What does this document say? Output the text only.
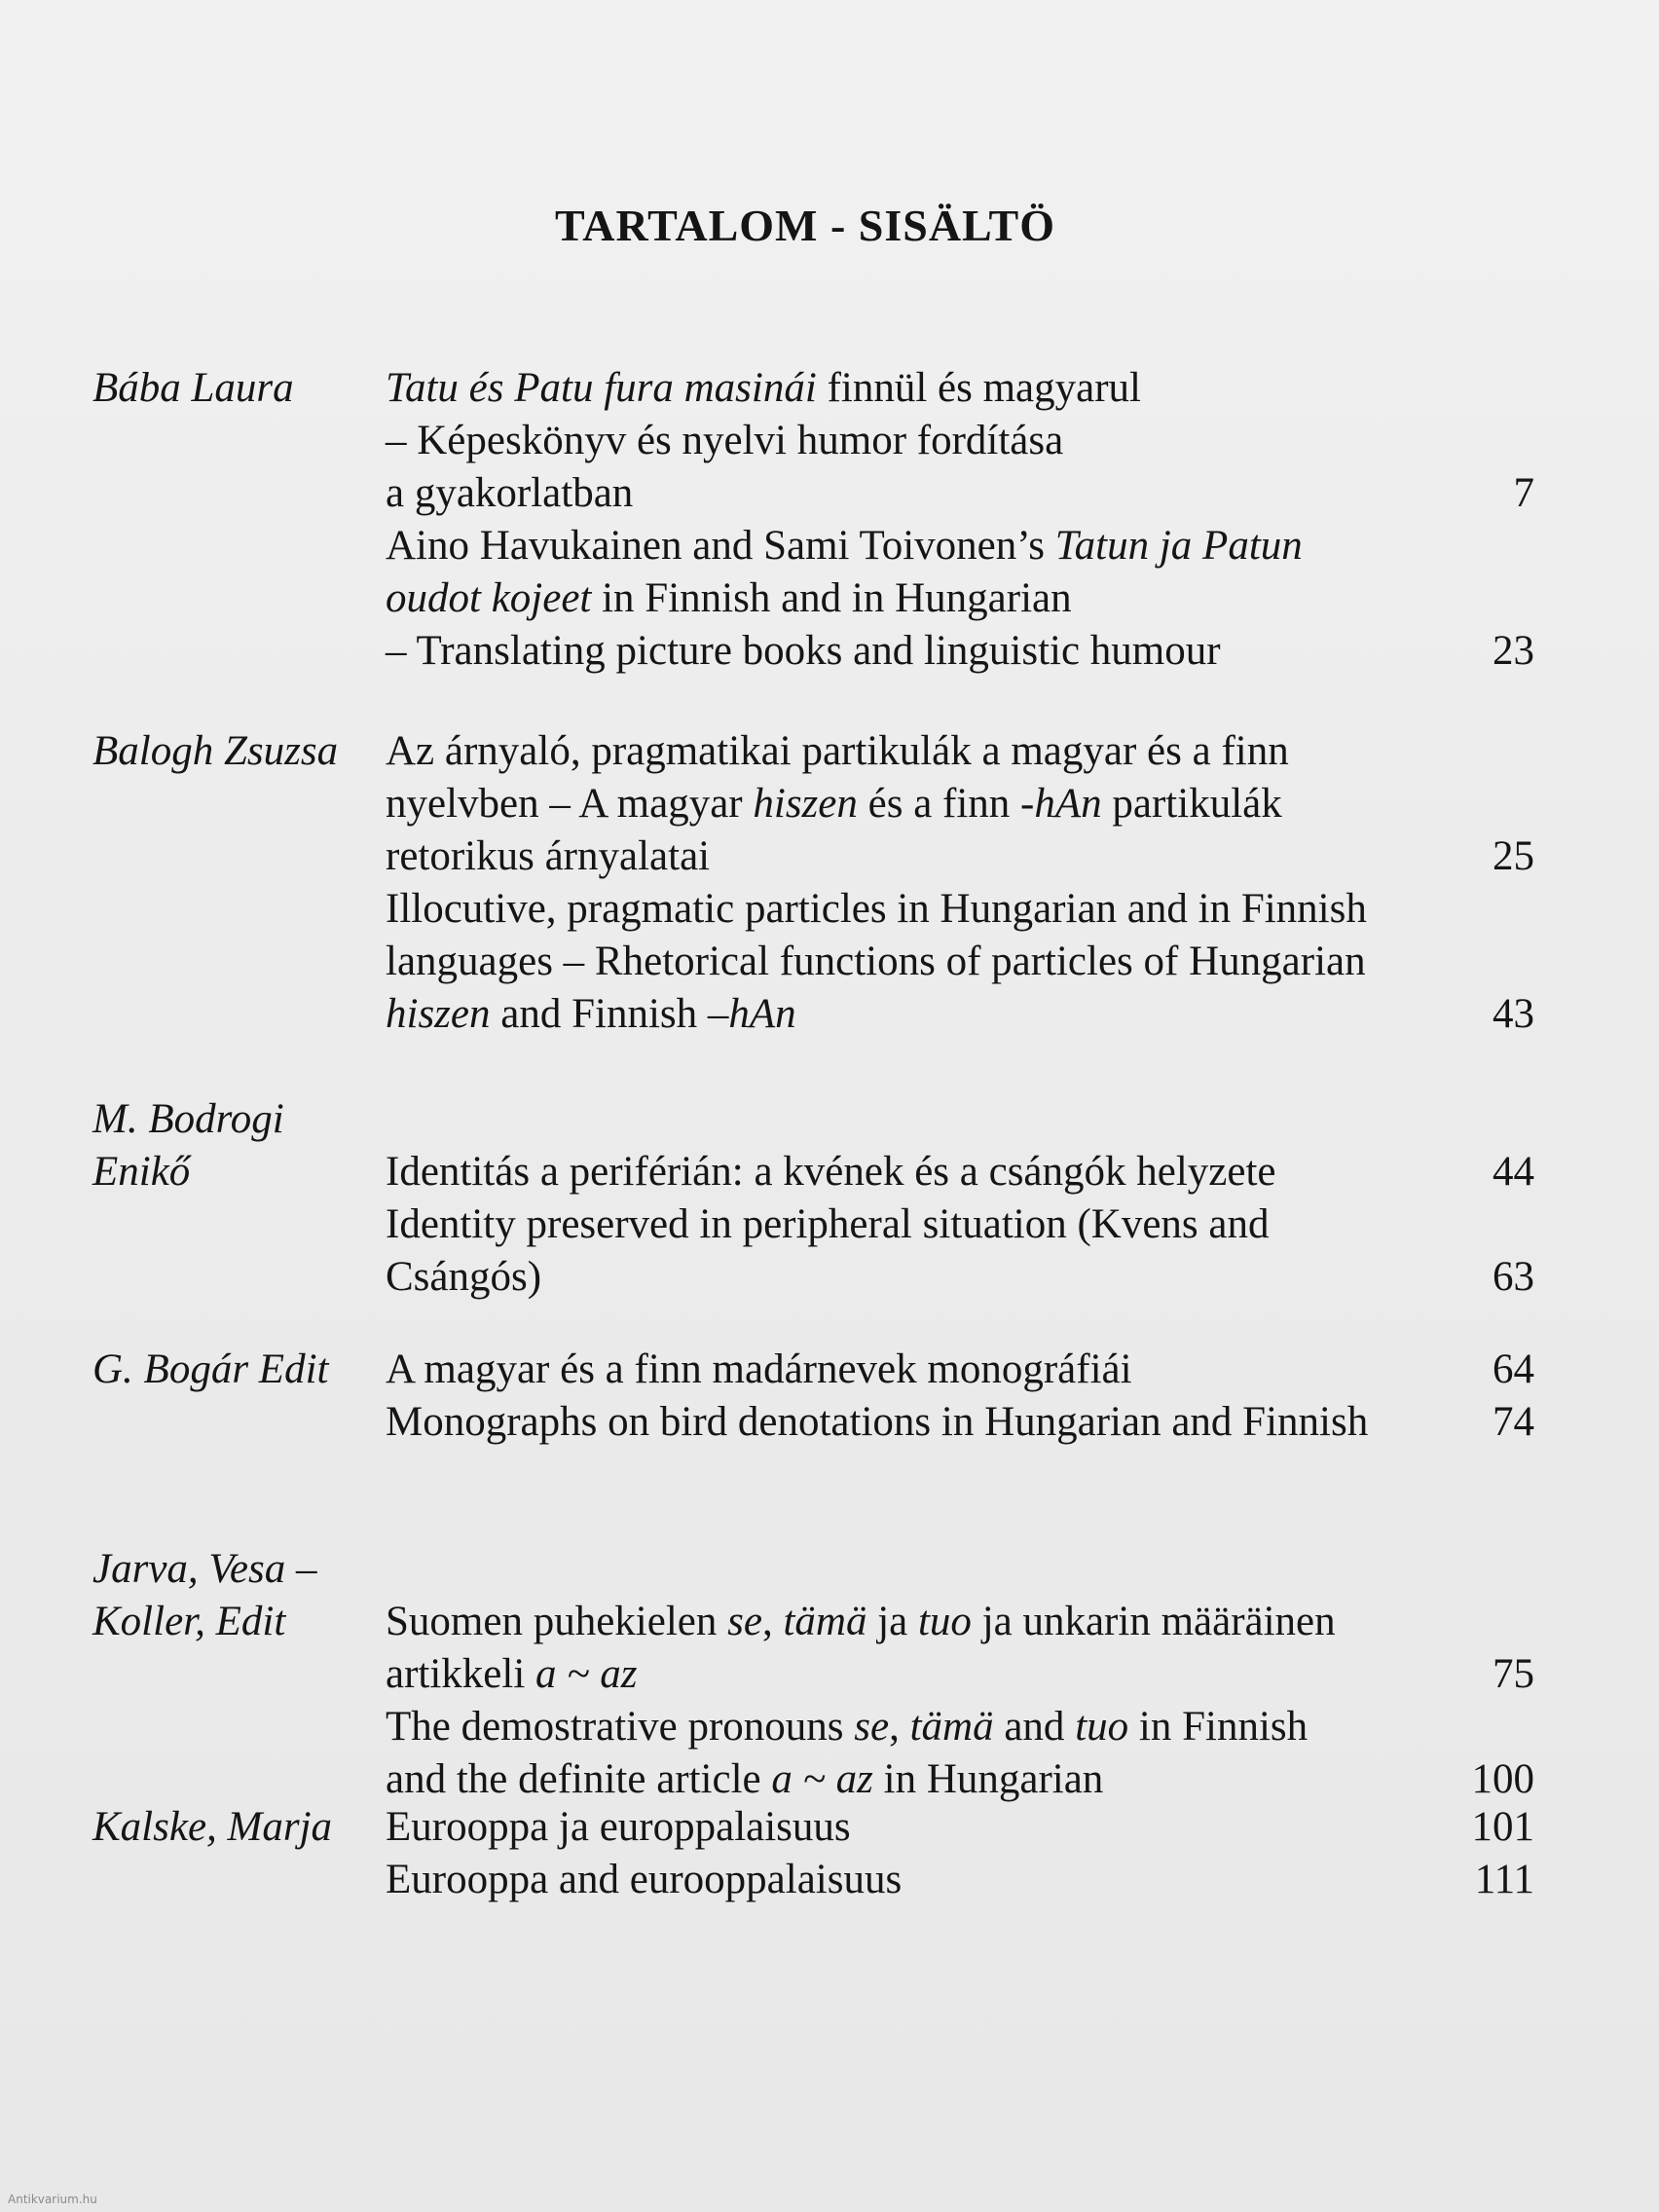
TARTALOM - SISÄLTÖ
Bába Laura	Tatu és Patu fura masinái finnül és magyarul
– Képeskönyv és nyelvi humor fordítása
a gyakorlatban	7
Aino Havukainen and Sami Toivonen’s Tatun ja Patun
oudot kojeet in Finnish and in Hungarian
– Translating picture books and linguistic humour	23
Balogh Zsuzsa	Az árnyaló, pragmatikai partikulák a magyar és a finn
nyelvben – A magyar hiszen és a finn -hAn partikulák
retorikus árnyalatai	25
Illocutive, pragmatic particles in Hungarian and in Finnish
languages – Rhetorical functions of particles of Hungarian
hiszen and Finnish –hAn	43
M. Bodrogi
Enikő	Identitás a periférián: a kvének és a csángók helyzete	44
Identity preserved in peripheral situation (Kvens and
Csángós)	63
G. Bogár Edit	A magyar és a finn madárnevek monográfiái	64
Monographs on bird denotations in Hungarian and Finnish	74
Jarva, Vesa –
Koller, Edit	Suomen puhekielen se, tämä ja tuo ja unkarin määräinen
artikkeli a ~ az	75
The demostrative pronouns se, tämä and tuo in Finnish
and the definite article a ~ az in Hungarian	100
Kalske, Marja	Eurooppa ja europpalaisuus	101
Eurooppa and eurooppalaisuus	111
Antikvarium.hu
